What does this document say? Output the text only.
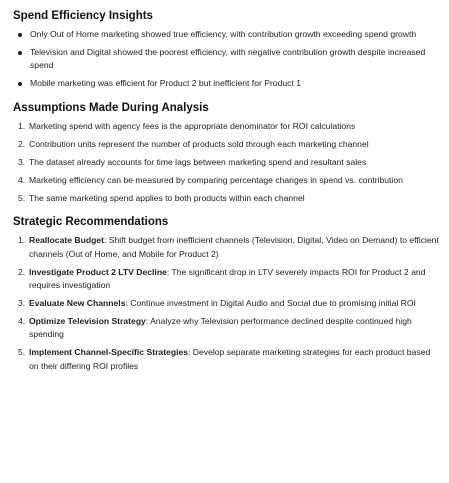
Spend Efficiency Insights
Only Out of Home marketing showed true efficiency, with contribution growth exceeding spend growth
Television and Digital showed the poorest efficiency, with negative contribution growth despite increased spend
Mobile marketing was efficient for Product 2 but inefficient for Product 1
Assumptions Made During Analysis
1. Marketing spend with agency fees is the appropriate denominator for ROI calculations
2. Contribution units represent the number of products sold through each marketing channel
3. The dataset already accounts for time lags between marketing spend and resultant sales
4. Marketing efficiency can be measured by comparing percentage changes in spend vs. contribution
5. The same marketing spend applies to both products within each channel
Strategic Recommendations
1. Reallocate Budget: Shift budget from inefficient channels (Television, Digital, Video on Demand) to efficient channels (Out of Home, and Mobile for Product 2)
2. Investigate Product 2 LTV Decline: The significant drop in LTV severely impacts ROI for Product 2 and requires investigation
3. Evaluate New Channels: Continue investment in Digital Audio and Social due to promising initial ROI
4. Optimize Television Strategy: Analyze why Television performance declined despite continued high spending
5. Implement Channel-Specific Strategies: Develop separate marketing strategies for each product based on their differing ROI profiles
